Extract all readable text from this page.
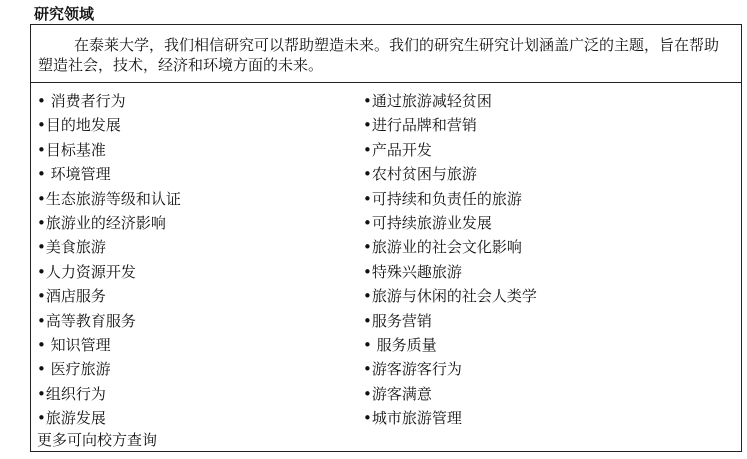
研究领域
在泰莱大学，我们相信研究可以帮助塑造未来。我们的研究生研究计划涵盖广泛的主题，旨在帮助塑造社会，技术，经济和环境方面的未来。
• 消费者行为
•目的地发展
•目标基准
• 环境管理
•生态旅游等级和认证
•旅游业的经济影响
•美食旅游
•人力资源开发
•酒店服务
•高等教育服务
• 知识管理
• 医疗旅游
•组织行为
•旅游发展
•通过旅游减轻贫困
•进行品牌和营销
•产品开发
•农村贫困与旅游
•可持续和负责任的旅游
•可持续旅游业发展
•旅游业的社会文化影响
•特殊兴趣旅游
•旅游与休闲的社会人类学
•服务营销
• 服务质量
•游客游客行为
•游客满意
•城市旅游管理
更多可向校方查询
